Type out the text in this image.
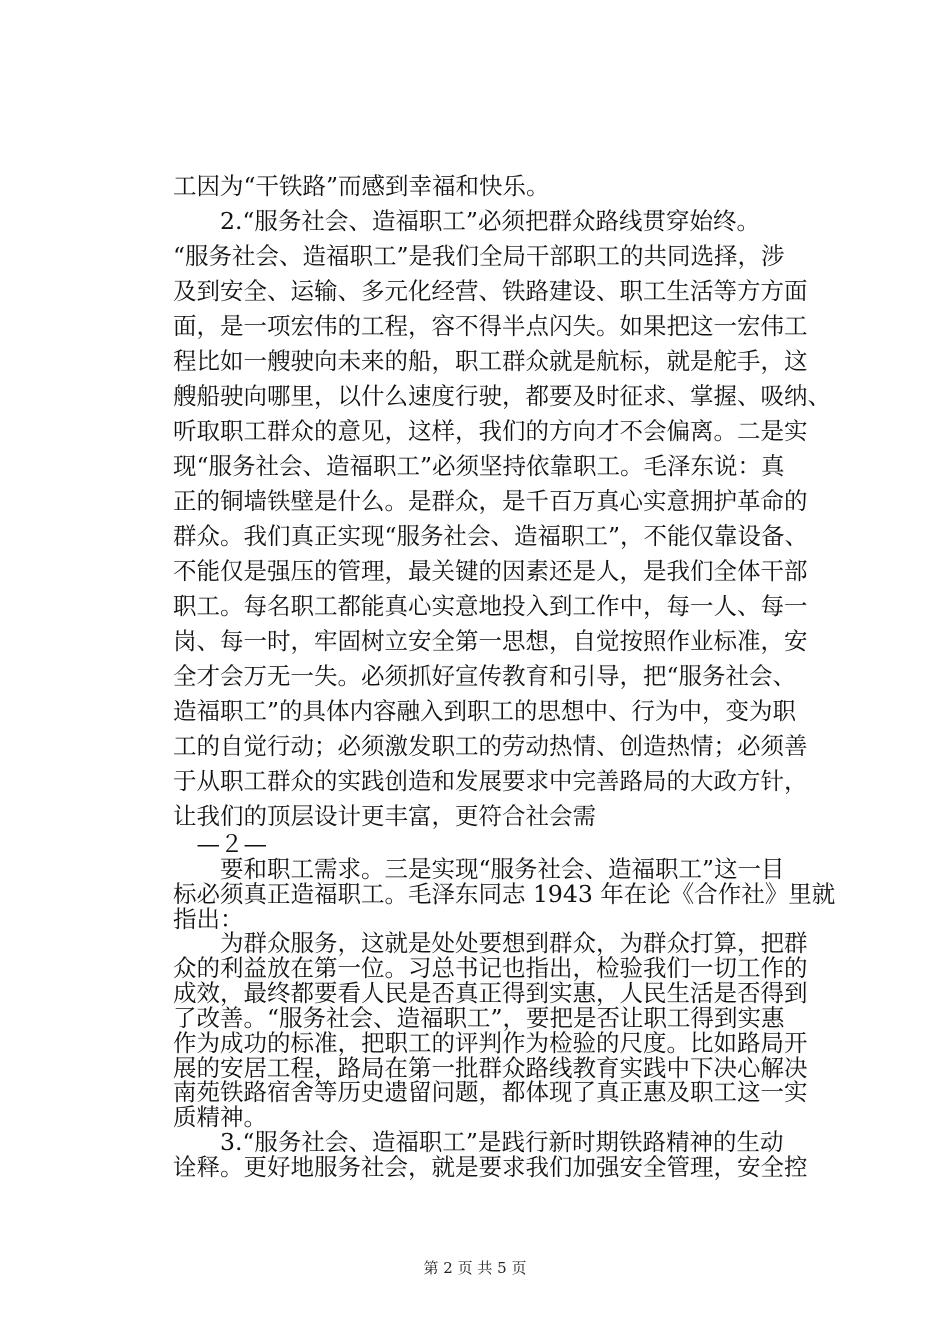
工因为“干铁路”而感到幸福和快乐。
　　2.“服务社会、造福职工”必须把群众路线贯穿始终。
“服务社会、造福职工”是我们全局干部职工的共同选择，涉
及到安全、运输、多元化经营、铁路建设、职工生活等方方面
面，是一项宏伟的工程，容不得半点闪失。如果把这一宏伟工
程比如一艘驶向未来的船，职工群众就是航标，就是舵手，这
艘船驶向哪里，以什么速度行驶，都要及时征求、掌握、吸纳、
听取职工群众的意见，这样，我们的方向才不会偏离。二是实
现“服务社会、造福职工”必须坚持依靠职工。毛泽东说：真
正的铜墙铁壁是什么。是群众，是千百万真心实意拥护革命的
群众。我们真正实现“服务社会、造福职工”，不能仅靠设备、
不能仅是强压的管理，最关键的因素还是人，是我们全体干部
职工。每名职工都能真心实意地投入到工作中，每一人、每一
岗、每一时，牢固树立安全第一思想，自觉按照作业标准，安
全才会万无一失。必须抓好宣传教育和引导，把“服务社会、
造福职工”的具体内容融入到职工的思想中、行为中，变为职
工的自觉行动；必须激发职工的劳动热情、创造热情；必须善
于从职工群众的实践创造和发展要求中完善路局的大政方针，
让我们的顶层设计更丰富，更符合社会需
　—２—
　　要和职工需求。三是实现“服务社会、造福职工”这一目
标必须真正造福职工。毛泽东同志 1943 年在论《合作社》里就
指出：
　　为群众服务，这就是处处要想到群众，为群众打算，把群
众的利益放在第一位。习总书记也指出，检验我们一切工作的
成效，最终都要看人民是否真正得到实惠，人民生活是否得到
了改善。“服务社会、造福职工”，要把是否让职工得到实惠
作为成功的标准，把职工的评判作为检验的尺度。比如路局开
展的安居工程，路局在第一批群众路线教育实践中下决心解决
南苑铁路宿舍等历史遗留问题，都体现了真正惠及职工这一实
质精神。
　　3.“服务社会、造福职工”是践行新时期铁路精神的生动
诠释。更好地服务社会，就是要求我们加强安全管理，安全控
第 2 页 共 5 页
